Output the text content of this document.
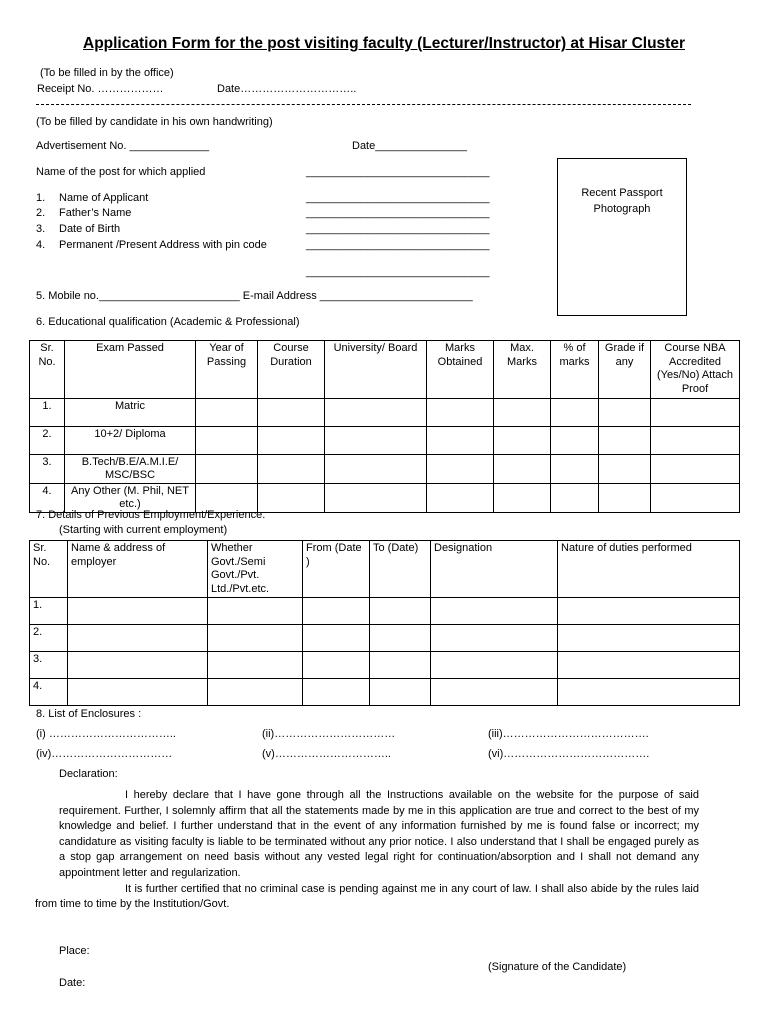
Application Form for the post visiting faculty (Lecturer/Instructor) at Hisar Cluster
(To be filled in by the office)
Receipt No. ………………	Date…………………………..
(To be filled by candidate in his own handwriting)
Advertisement No. _____________	Date_______________
Name of the post for which applied	______________________________
Recent Passport
Photograph
1. Name of Applicant	______________________________
2. Father’s Name	______________________________
3. Date of Birth	______________________________
4. Permanent /Present Address with pin code	______________________________
______________________________
5. Mobile no._______________________ E-mail Address _________________________
6. Educational qualification (Academic & Professional)
Sr. No.	Exam Passed	Year of Passing	Course Duration	University/ Board	Marks Obtained	Max. Marks	% of marks	Grade if any	Course NBA Accredited (Yes/No) Attach Proof
1.	Matric								
2.	10+2/ Diploma								
3.	B.Tech/B.E/A.M.I.E/ MSC/BSC								
4.	Any Other (M. Phil, NET etc.)								
7. Details of Previous Employment/Experience.
(Starting with current employment)
Sr. No.	Name & address of employer	Whether Govt./Semi Govt./Pvt. Ltd./Pvt.etc.	From (Date )	To (Date)	Designation	Nature of duties performed
1.						
2.						
3.						
4.						
8. List of Enclosures :
(i) ……………………………..	(ii)……………………………	(iii)………………………………….
(iv)……………………………	(v)…………………………..	(vi)………………………………….
Declaration:

I hereby declare that I have gone through all the Instructions available on the website for the purpose of said requirement. Further, I solemnly affirm that all the statements made by me in this application are true and correct to the best of my knowledge and belief. I further understand that in the event of any information furnished by me is found false or incorrect; my candidature as visiting faculty is liable to be terminated without any prior notice. I also understand that I shall be engaged purely as a stop gap arrangement on need basis without any vested legal right for continuation/absorption and I shall not demand any appointment letter and regularization.

It is further certified that no criminal case is pending against me in any court of law. I shall also abide by the rules laid from time to time by the Institution/Govt.

Place:
(Signature of the Candidate)
Date:
